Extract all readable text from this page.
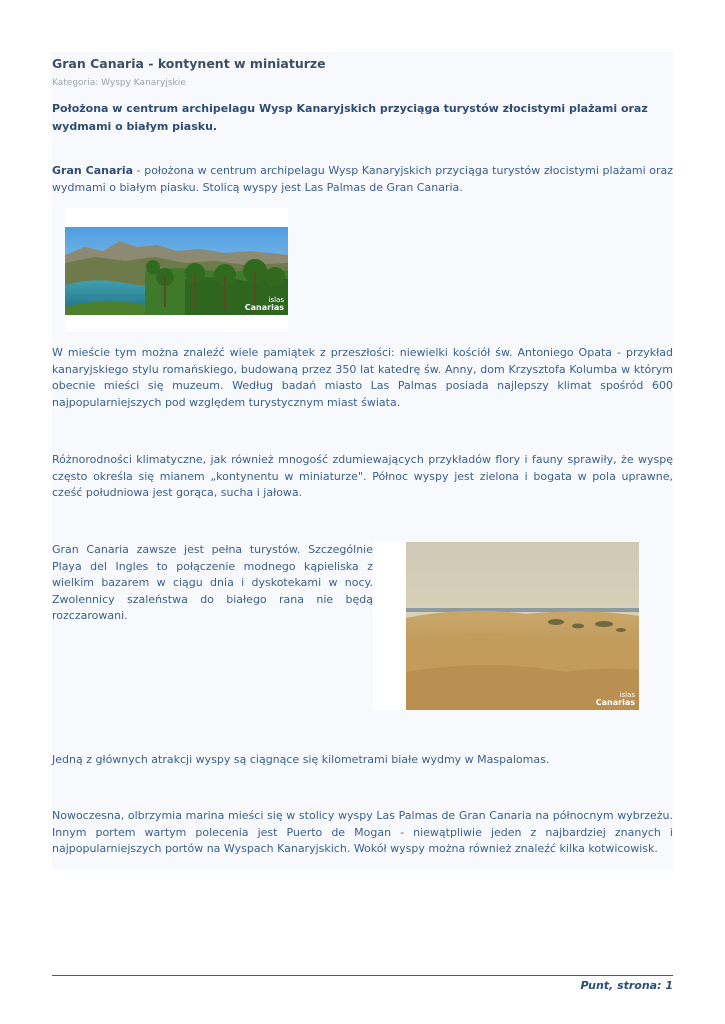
Gran Canaria - kontynent w miniaturze
Kategoria: Wyspy Kanaryjskie
Położona w centrum archipelagu Wysp Kanaryjskich przyciąga turystów złocistymi plażami oraz wydmami o białym piasku.
Gran Canaria - położona w centrum archipelagu Wysp Kanaryjskich przyciąga turystów złocistymi plażami oraz wydmami o białym piasku. Stolicą wyspy jest Las Palmas de Gran Canaria.
islas
Canarias
W mieście tym można znaleźć wiele pamiątek z przeszłości: niewielki kościół św. Antoniego Opata - przykład kanaryjskiego stylu romańskiego, budowaną przez 350 lat katedrę św. Anny, dom Krzysztofa Kolumba w którym obecnie mieści się muzeum. Według badań miasto Las Palmas posiada najlepszy klimat spośród 600 najpopularniejszych pod względem turystycznym miast świata.
Różnorodności klimatyczne, jak również mnogość zdumiewających przykładów flory i fauny sprawiły, że wyspę często określa się mianem „kontynentu w miniaturze". Północ wyspy jest zielona i bogata w pola uprawne, cześć południowa jest gorąca, sucha i jałowa.
Gran Canaria zawsze jest pełna turystów. Szczególnie Playa del Ingles to połączenie modnego kąpieliska z wielkim bazarem w ciągu dnia i dyskotekami w nocy. Zwolennicy szaleństwa do białego rana nie będą rozczarowani.
islas
Canarias
Jedną z głównych atrakcji wyspy są ciągnące się kilometrami białe wydmy w Maspalomas.
Nowoczesna, olbrzymia marina mieści się w stolicy wyspy Las Palmas de Gran Canaria na północnym wybrzeżu. Innym portem wartym polecenia jest Puerto de Mogan - niewątpliwie jeden z najbardziej znanych i najpopularniejszych portów na Wyspach Kanaryjskich. Wokół wyspy można również znaleźć kilka kotwicowisk.
Punt, strona: 1
